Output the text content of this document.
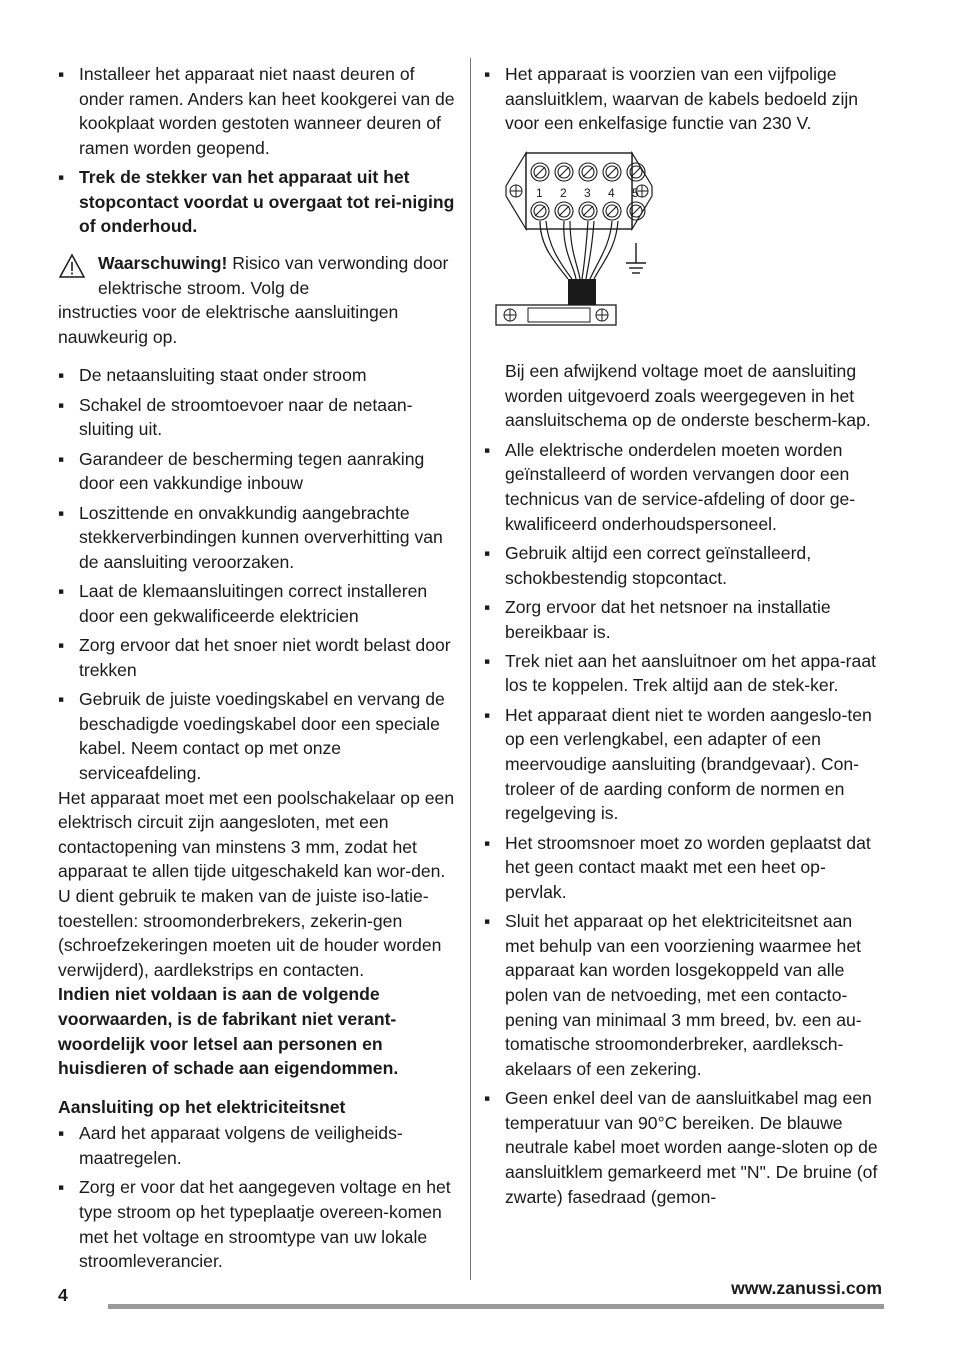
▪ Installeer het apparaat niet naast deuren of onder ramen. Anders kan heet kookgerei van de kookplaat worden gestoten wanneer deuren of ramen worden geopend.
▪ Trek de stekker van het apparaat uit het stopcontact voordat u overgaat tot rei-niging of onderhoud.

Waarschuwing! Risico van verwonding door elektrische stroom. Volg de

instructies voor de elektrische aansluitingen nauwkeurig op.

▪ De netaansluiting staat onder stroom
▪ Schakel de stroomtoevoer naar de netaan-sluiting uit.
▪ Garandeer de bescherming tegen aanraking door een vakkundige inbouw
▪ Loszittende en onvakkundig aangebrachte stekkerverbindingen kunnen oververhitting van de aansluiting veroorzaken.
▪ Laat de klemaansluitingen correct installeren door een gekwalificeerde elektricien
▪ Zorg ervoor dat het snoer niet wordt belast door trekken
▪ Gebruik de juiste voedingskabel en vervang de beschadigde voedingskabel door een speciale kabel. Neem contact op met onze serviceafdeling.

Het apparaat moet met een poolschakelaar op een elektrisch circuit zijn aangesloten, met een contactopening van minstens 3 mm, zodat het apparaat te allen tijde uitgeschakeld kan wor-den. U dient gebruik te maken van de juiste iso-latie-toestellen: stroomonderbrekers, zekerin-gen (schroefzekeringen moeten uit de houder worden verwijderd), aardlekstrips en contacten.

Indien niet voldaan is aan de volgende voorwaarden, is de fabrikant niet verant-woordelijk voor letsel aan personen en huisdieren of schade aan eigendommen.

Aansluiting op het elektriciteitsnet

▪ Aard het apparaat volgens de veiligheids-maatregelen.
▪ Zorg er voor dat het aangegeven voltage en het type stroom op het typeplaatje overeen-komen met het voltage en stroomtype van uw lokale stroomleverancier.
▪ Het apparaat is voorzien van een vijfpolige aansluitklem, waarvan de kabels bedoeld zijn voor een enkelfasige functie van 230 V.
1 2 3 4 5

Bij een afwijkend voltage moet de aansluiting worden uitgevoerd zoals weergegeven in het aansluitschema op de onderste bescherm-kap.

▪ Alle elektrische onderdelen moeten worden geïnstalleerd of worden vervangen door een technicus van de service-afdeling of door ge-kwalificeerd onderhoudspersoneel.
▪ Gebruik altijd een correct geïnstalleerd, schokbestendig stopcontact.
▪ Zorg ervoor dat het netsnoer na installatie bereikbaar is.
▪ Trek niet aan het aansluitnoer om het appa-raat los te koppelen. Trek altijd aan de stek-ker.
▪ Het apparaat dient niet te worden aangeslo-ten op een verlengkabel, een adapter of een meervoudige aansluiting (brandgevaar). Con-troleer of de aarding conform de normen en regelgeving is.
▪ Het stroomsnoer moet zo worden geplaatst dat het geen contact maakt met een heet op-pervlak.
▪ Sluit het apparaat op het elektriciteitsnet aan met behulp van een voorziening waarmee het apparaat kan worden losgekoppeld van alle polen van de netvoeding, met een contacto-pening van minimaal 3 mm breed, bv. een au-tomatische stroomonderbreker, aardleksch-akelaars of een zekering.
▪ Geen enkel deel van de aansluitkabel mag een temperatuur van 90°C bereiken. De blauwe neutrale kabel moet worden aange-sloten op de aansluitklem gemarkeerd met "N". De bruine (of zwarte) fasedraad (gemon-
4	www.zanussi.com
